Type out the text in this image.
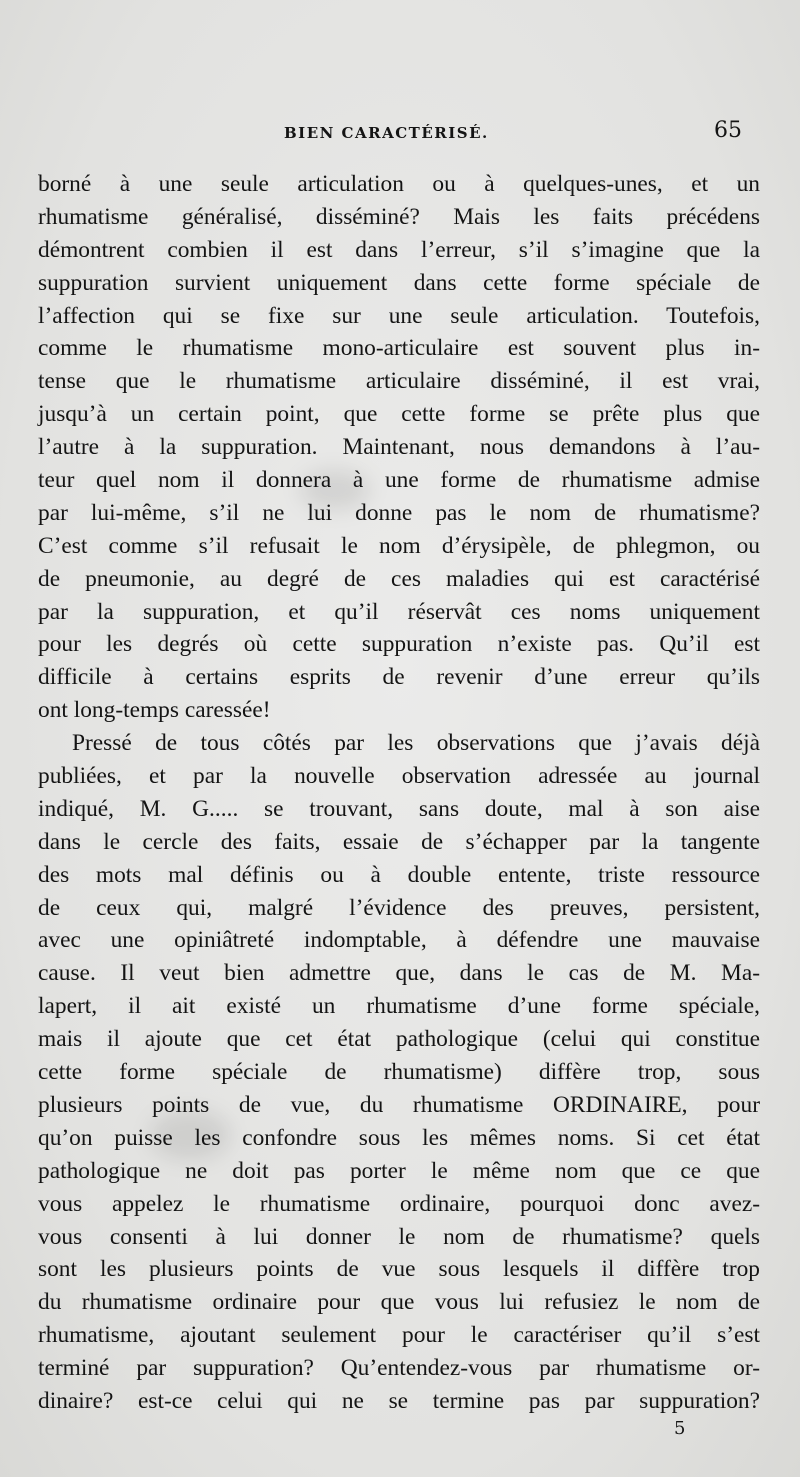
BIEN CARACTÉRISÉ.	65
borné à une seule articulation ou à quelques-unes, et un
rhumatisme généralisé, disséminé? Mais les faits précédens
démontrent combien il est dans l’erreur, s’il s’imagine que la
suppuration survient uniquement dans cette forme spéciale de
l’affection qui se fixe sur une seule articulation. Toutefois,
comme le rhumatisme mono-articulaire est souvent plus in-
tense que le rhumatisme articulaire disséminé, il est vrai,
jusqu’à un certain point, que cette forme se prête plus que
l’autre à la suppuration. Maintenant, nous demandons à l’au-
teur quel nom il donnera à une forme de rhumatisme admise
par lui-même, s’il ne lui donne pas le nom de rhumatisme?
C’est comme s’il refusait le nom d’érysipèle, de phlegmon, ou
de pneumonie, au degré de ces maladies qui est caractérisé
par la suppuration, et qu’il réservât ces noms uniquement
pour les degrés où cette suppuration n’existe pas. Qu’il est
difficile à certains esprits de revenir d’une erreur qu’ils
ont long-temps caressée!
Pressé de tous côtés par les observations que j’avais déjà
publiées, et par la nouvelle observation adressée au journal
indiqué, M. G..... se trouvant, sans doute, mal à son aise
dans le cercle des faits, essaie de s’échapper par la tangente
des mots mal définis ou à double entente, triste ressource
de ceux qui, malgré l’évidence des preuves, persistent,
avec une opiniâtreté indomptable, à défendre une mauvaise
cause. Il veut bien admettre que, dans le cas de M. Ma-
lapert, il ait existé un rhumatisme d’une forme spéciale,
mais il ajoute que cet état pathologique (celui qui constitue
cette forme spéciale de rhumatisme) diffère trop, sous
plusieurs points de vue, du rhumatisme ORDINAIRE, pour
qu’on puisse les confondre sous les mêmes noms. Si cet état
pathologique ne doit pas porter le même nom que ce que
vous appelez le rhumatisme ordinaire, pourquoi donc avez-
vous consenti à lui donner le nom de rhumatisme? quels
sont les plusieurs points de vue sous lesquels il diffère trop
du rhumatisme ordinaire pour que vous lui refusiez le nom de
rhumatisme, ajoutant seulement pour le caractériser qu’il s’est
terminé par suppuration? Qu’entendez-vous par rhumatisme or-
dinaire? est-ce celui qui ne se termine pas par suppuration?
5
